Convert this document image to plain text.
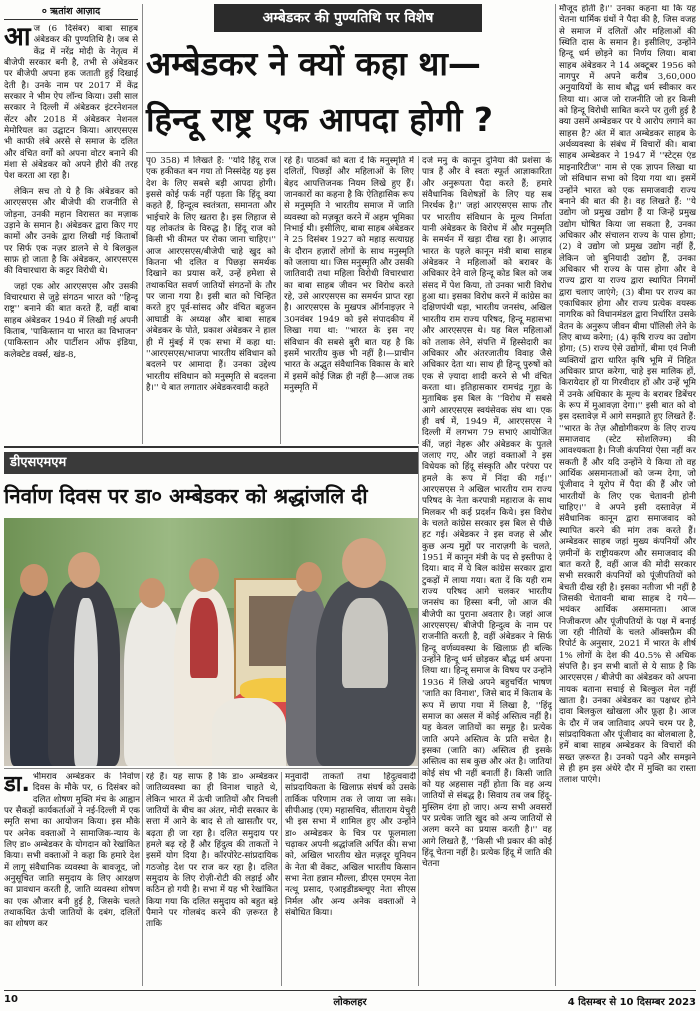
० ऋतांश आज़ाद
आ ज (6 दिसंबर) बाबा साहब अंबेडकर की पुण्यतिथि है। जब से केंद्र में नरेंद्र मोदी के नेतृत्व में बीजेपी सरकार बनी है, तभी से अंबेडकर पर बीजेपी अपना हक जताती हुई दिखाई देती है। उनके नाम पर 2017 में केंद्र सरकार ने भीम ऐप लॉन्च किया। उसी साल सरकार ने दिल्ली में अंबेडकर इंटरनेशनल सेंटर और 2018 में अंबेडकर नेशनल मेमोरियल का उद्घाटन किया। आरएसएस भी काफी लंबे अरसे से समाज के दलित और वंचित वर्गों को अपना वोटर बनाने की मंशा से अंबेडकर को अपने हीरो की तरह पेश करता आ रहा है।

लेकिन सच तो ये है कि अंबेडकर को आरएसएस और बीजेपी की राजनीति से जोड़ना, उनकी महान विरासत का मज़ाक उड़ाने के समान है। अंबेडकर द्वारा किए गए कामों और उनके द्वारा लिखी गई किताबों पर सिर्फ एक नज़र डालने से ये बिलकुल साफ़ हो जाता है कि अंबेडकर, आरएसएस की विचारधारा के कट्टर विरोधी थे।

जहां एक ओर आरएसएस और उसकी विचारधारा से जुड़े संगठन भारत को ''हिन्दू राष्ट्र'' बनाने की बात करते हैं, वहीं बाबा साहब अंबेडकर 1940 में लिखी गई अपनी किताब, 'पाकिस्तान या भारत का विभाजन' (पाकिस्तान और पार्टीशन ऑफ इंडिया, कलेक्टेड वर्क्स, खंड-8,

अम्बेडकर की पुण्यतिथि पर विशेष
अम्बेडकर ने क्यों कहा था—
हिन्दू राष्ट्र एक आपदा होगी ?

पृ0 358) में लिखते हैं: ''यदि हिंदू राज एक हकीकत बन गया तो निस्संदेह यह इस देश के लिए सबसे बड़ी आपदा होगी। इससे कोई फर्क नहीं पड़ता कि हिंदू क्या कहते हैं, हिन्दूत्व स्वतंत्रता, समानता और भाईचारे के लिए खतरा है। इस लिहाज से यह लोकतंत्र के विरुद्ध है। हिंदू राज को किसी भी कीमत पर रोका जाना चाहिए।'' आज आरएसएस/बीजेपी चाहे खुद को कितना भी दलित व पिछड़ा समर्थक दिखाने का प्रयास करें, उन्हें हमेशा से तथाकथित सवर्ण जातियों संगठनों के तौर पर जाना गया है। इसी बात को चिन्हित करते हुए पूर्व-सांसद और वंचित बहुजन आघाडी के अध्यक्ष और बाबा साहब अंबेडकर के पोते, प्रकाश अंबेडकर ने हाल ही में मुंबई में एक सभा में कहा था: ''आरएसएस/भाजपा भारतीय संविधान को बदलने पर आमादा हैं। उनका उद्देश्य भारतीय संविधान को मनुस्मृति से बदलना है।'' ये बात लगातार अंबेडकरवादी कहते

रहे हैं। पाठकों को बता दें कि मनुस्मृति में दलितों, पिछड़ों और महिलाओं के लिए बेहद आपत्तिजनक नियम लिखे हुए हैं। जानकारों का कहना है कि ऐतिहासिक रूप से मनुस्मृति ने भारतीय समाज में जाति व्यवस्था को मज़बूत करने में अहम भूमिका निभाई थी। इसीलिए, बाबा साहब अंबेडकर ने 25 दिसंबर 1927 को महाड़ सत्याग्रह के दौरान हज़ारों लोगों के साथ मनुस्मृति को जलाया था। जिस मनुस्मृति और उसकी जातिवादी तथा महिला विरोधी विचारधारा का बाबा साहब जीवन भर विरोध करते रहे, उसे आरएसएस का समर्थन प्राप्त रहा है। आरएसएस के मुखपत्र ऑर्गनाइज़र ने 30नवंबर 1949 को इसे संपादकीय में लिखा गया था: ''भारत के इस नए संविधान की सबसे बुरी बात यह है कि इसमें भारतीय कुछ भी नहीं है।—प्राचीन भारत के अद्भुत संवैधानिक विकास के बारे में इसमें कोई जिक्र ही नहीं है—आज तक मनुस्मृति में

दर्ज मनु के कानून दुनिया की प्रशंसा के पात्र हैं और वे स्वतः स्फूर्त आज्ञाकारिता और अनुरूपता पैदा करते हैं; हमारे संवैधानिक विशेषज्ञों के लिए यह सब निरर्थक है।'' जहां आरएसएस साफ तौर पर भारतीय संविधान के मूल्य निर्माता यानी अंबेडकर के विरोध में और मनुस्मृति के समर्थन में खड़ा दीख रहा है। आज़ाद भारत के पहले कानून मंत्री बाबा साहब अंबेडकर ने महिलाओं को बराबर के अधिकार देने वाले हिन्दू कोड बिल को जब संसद में पेश किया, तो उनका भारी विरोध हुआ था। इसका विरोध करने में कांग्रेस का दक्षिणपंथी धड़ा, भारतीय जनसंघ, अखिल भारतीय राम राज्य परिषद, हिन्दू महासभा और आरएसएस थे। यह बिल महिलाओं को तलाक लेने, संपत्ति में हिस्सेदारी का अधिकार और अंतरजातीय विवाह जैसे अधिकार देता था। साथ ही हिन्दू पुरुषों को एक से ज़्यादा शादी करने से भी वंचित करता था। इतिहासकार रामचंद्र गुहा के मुताबिक इस बिल के ''विरोध में सबसे आगे आरएसएस स्वयंसेवक संघ था। एक ही वर्ष में, 1949 में, आरएसएस ने दिल्ली में लगभग 79 सभाएं आयोजित कीं, जहां नेहरू और अंबेडकर के पुतले जलाए गए, और जहां वक्ताओं ने इस विधेयक को हिंदू संस्कृति और परंपरा पर हमले के रूप में निंदा की गई।'' आरएसएस ने अखिल भारतीय राम राज्य परिषद के नेता करपात्री महाराज के साथ मिलकर भी कई प्रदर्शन किये। इस विरोध के चलते कांग्रेस सरकार इस बिल से पीछे हट गई। अंबेडकर ने इस वजह से और कुछ अन्य मुद्दों पर नाराज़गी के चलते, 1951 में कानून मंत्री के पद से इस्तीफा दे दिया। बाद में ये बिल कांग्रेस सरकार द्वारा टुकड़ों में लाया गया। बता दें कि यही राम राज्य परिषद आगे चलकर भारतीय जनसंघ का हिस्सा बनी, जो आज की बीजेपी का पुराना अवतार है। जहां आज आरएसएस/ बीजेपी हिन्दुत्व के नाम पर राजनीति करती है, वहीं अंबेडकर ने सिर्फ हिन्दू वर्णव्यवस्था के खिलाफ़ ही बल्कि उन्होंने हिन्दू धर्म छोड़कर बौद्ध धर्म अपना लिया था। हिन्दू समाज के विषय पर उन्होंने 1936 में लिखे अपने बहुचर्चित भाषण 'जाति का विनाश', जिसे बाद में किताब के रूप में छापा गया में लिखा है, ''हिंदू समाज का असल में कोई अस्तित्व नहीं है। यह केवल जातियों का समूह है। प्रत्येक जाति अपने अस्तित्व के प्रति सचेत है। इसका (जाति का) अस्तित्व ही इसके अस्तित्व का सब कुछ और अंत है। जातियां कोई संघ भी नहीं बनातीं हैं। किसी जाति को यह अहसास नहीं होता कि वह अन्य जातियों से संबद्ध है। सिवाय तब जब हिंदू-मुस्लिम दंगा हो जाए। अन्य सभी अवसरों पर प्रत्येक जाति खुद को अन्य जातियों से अलग करने का प्रयास करती है।'' वह आगे लिखते हैं, ''किसी भी प्रकार की कोई हिंदू चेतना नहीं है। प्रत्येक हिंदू में जाति की चेतना

मौजूद होती है।'' उनका कहना था कि यह चेतना धार्मिक ग्रंथों ने पैदा की है, जिस वजह से समाज में दलितों और महिलाओं की स्थिति दास के समान है। इसीलिए, उन्होंने हिन्दू धर्म छोड़ने का निर्णय लिया। बाबा साहब अंबेडकर ने 14 अक्टूबर 1956 को नागपुर में अपने करीब 3,60,000 अनुयायियों के साथ बौद्ध धर्म स्वीकार कर लिया था। आज जो राजनीति जो हर किसी को हिन्दू विरोधी साबित करने पर तुली हुई है क्या उसमें अम्बेडकर पर ये आरोप लगाने का साहस है? अंत में बात अम्बेडकर साहब के अर्थव्यवस्था के संबंध में विचारों की। बाबा साहब अम्बेडकर ने 1947 में ''स्टेट्स एंड माइनारिटीज'' नाम से एक ज्ञापन लिखा था जो संविधान सभा को दिया गया था। इसमें उन्होंने भारत को एक समाजवादी राज्य बनाने की बात की है। वह लिखते हैं: ''ये उद्योग जो प्रमुख उद्योग हैं या जिन्हें प्रमुख उद्योग घोषित किया जा सकता है, उनका अधिकार और संचालन राज्य के पास होगा; (2) वे उद्योग जो प्रमुख उद्योग नहीं हैं, लेकिन जो बुनियादी उद्योग हैं, उनका अधिकार भी राज्य के पास होगा और वे राज्य द्वारा या राज्य द्वारा स्थापित निगमों द्वारा चलाए जाएंगे; (3) बीमा पर राज्य का एकाधिकार होगा और राज्य प्रत्येक वयस्क नागरिक को विधानमंडल द्वारा निर्धारित उसके वेतन के अनुरूप जीवन बीमा पॉलिसी लेने के लिए बाध्य करेगा; (4) कृषि राज्य का उद्योग होगा; (5) राज्य ऐसे उद्योगों, बीमा एवं निजी व्यक्तियों द्वारा धारित कृषि भूमि में निहित अधिकार प्राप्त करेगा, चाहे इस मालिक हों, किरायेदार हों या गिरवीदार हों और उन्हें भूमि में उनके अधिकार के मूल्य के बराबर डिबेंचर के रूप में मुआवज़ा देगा।'' इसी बात को वो इस दस्तावेज़ में आगे समझाते हुए लिखते हैं: ''भारत के तेज़ औद्योगीकरण के लिए राज्य समाजवाद (स्टेट सोशलिज्म) की आवश्यकता है। निजी कंपनियां ऐसा नहीं कर सकती हैं और यदि उन्होंने ये किया तो वह आर्थिक असमानताओं को जन्म देगा, जो पूंजीवाद ने यूरोप में पैदा की हैं और जो भारतीयों के लिए एक चेतावनी होनी चाहिए।'' वे अपने इसी दस्तावेज़ में संवैधानिक कानून द्वारा समाजवाद को स्थापित करने की मांग तक करते हैं। अम्बेडकर साहब जहां मुख्य कंपनियों और ज़मीनों के राष्ट्रीयकरण और समाजवाद की बात करते हैं, वहीं आज की मोदी सरकार सभी सरकारी कंपनियों को पूंजीपतियों को बेचती दीख रही है। इसका नतीजा भी नहीं है जिसकी चेतावनी बाबा साहब दे गये— भयंकर आर्थिक असमानता। आज निजीकरण और पूंजीपतियों के पक्ष में बनाई जा रही नीतियों के चलते ऑक्सफ़ैम की रिपोर्ट के अनुसार, 2021 में भारत के शीर्ष 1% लोगों के देश की 40.5% से अधिक संपत्ति है। इन सभी बातों से ये साफ़ है कि आरएसएस / बीजेपी का अंबेडकर को अपना नायक बताना सचाई से बिल्कुल मेल नहीं खाता है। उनका अंबेडकर का पक्षधर होने दावा बिलकुल खोखला और फ़ूहा है। आज के दौर में जब जातिवाद अपने चरम पर है, सांप्रदायिकता और पूंजीवाद का बोलबाला है, हमें बाबा साहब अम्बेडकर के विचारों की सख्त ज़रूरत है। उनको पढ़ने और समझने से ही हम इस अंधेरे दौर में मुक्ति का रास्ता तलाश पाएंगे।

डीएसएमएम
निर्वाण दिवस पर डा० अम्बेडकर को श्रद्धांजलि दी
डा. भीमराव अम्बेडकर के निर्वाण दिवस के मौके पर, 6 दिसंबर को दलित शोषण मुक्ति मंच के आह्वान पर सैकड़ों कार्यकर्ताओं ने नई-दिल्ली में एक स्मृति सभा का आयोजन किया। इस मौके पर अनेक वक्ताओं ने सामाजिक-न्याय के लिए डा० अम्बेडकर के योगदान को रेखांकित किया। सभी वक्ताओं ने कहा कि हमारे देश में लागू संवैधानिक व्यवस्था के बावजूद, जो अनुसूचित जाति समुदाय के लिए आरक्षण का प्रावधान करती है, जाति व्यवस्था शोषण का एक औजार बनी हुई है, जिसके चलते तथाकथित ऊंची जातियों के दबंग, दलितों का शोषण कर

रहे हैं। यह साफ है कि डा० अम्बेडकर जातिव्यवस्था का ही विनाश चाहते थे, लेकिन भारत में ऊंची जातियों और निचली जातियों के बीच का अंतर, मोदी सरकार के सत्ता में आने के बाद से तो खासतौर पर, बढ़ता ही जा रहा है। दलित समुदाय पर हमले बढ़ रहे हैं और हिंदुत्व की ताकतों ने इसमें योग दिया है। कॉरपोरेट-सांप्रदायिक गठजोड़ देश पर राज कर रहा है। दलित समुदाय के लिए रोज़ी-रोटी की लड़ाई और कठिन हो गयी है। सभा में यह भी रेखांकित किया गया कि दलित समुदाय को बहुत बड़े पैमाने पर गोलबंद करने की ज़रूरत है ताकि

मनुवादी ताकतों तथा हिंदुत्ववादी सांप्रदायिकता के खिलाफ़ संघर्ष को उसके तार्किक परिणाम तक ले जाया जा सके। सीपीआइ (एम) महासचिव, सीताराम येचुरी भी इस सभा में शामिल हुए और उन्होंने डा० अम्बेडकर के चित्र पर फूलमाला चढ़ाकर अपनी श्रद्धांजलि अर्पित की। सभा को, अखिल भारतीय खेत मज़दूर यूनियन के नेता बी वेंकट, अखिल भारतीय किसान सभा नेता हन्नान मौल्ला, डीएस एमएम नेता नत्थू प्रसाद, एआइडीडब्ल्यूए नेता सीएस निर्मल और अन्य अनेक वक्ताओं ने संबोधित किया।

10	लोकलहर	4 दिसम्बर से 10 दिसम्बर 2023
